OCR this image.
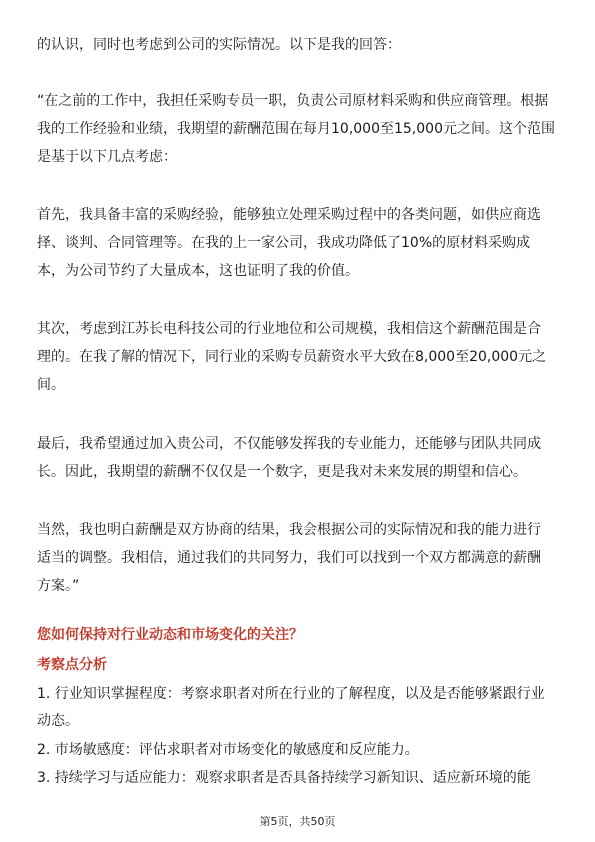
的认识，同时也考虑到公司的实际情况。以下是我的回答：
“在之前的工作中，我担任采购专员一职，负责公司原材料采购和供应商管理。根据
我的工作经验和业绩，我期望的薪酬范围在每月10,000至15,000元之间。这个范围
是基于以下几点考虑：
首先，我具备丰富的采购经验，能够独立处理采购过程中的各类问题，如供应商选
择、谈判、合同管理等。在我的上一家公司，我成功降低了10%的原材料采购成
本，为公司节约了大量成本，这也证明了我的价值。
其次，考虑到江苏长电科技公司的行业地位和公司规模，我相信这个薪酬范围是合
理的。在我了解的情况下，同行业的采购专员薪资水平大致在8,000至20,000元之
间。
最后，我希望通过加入贵公司，不仅能够发挥我的专业能力，还能够与团队共同成
长。因此，我期望的薪酬不仅仅是一个数字，更是我对未来发展的期望和信心。
当然，我也明白薪酬是双方协商的结果，我会根据公司的实际情况和我的能力进行
适当的调整。我相信，通过我们的共同努力，我们可以找到一个双方都满意的薪酬
方案。”
您如何保持对行业动态和市场变化的关注？
考察点分析
1. 行业知识掌握程度：考察求职者对所在行业的了解程度，以及是否能够紧跟行业
动态。
2. 市场敏感度：评估求职者对市场变化的敏感度和反应能力。
3. 持续学习与适应能力：观察求职者是否具备持续学习新知识、适应新环境的能
第5页，共50页
